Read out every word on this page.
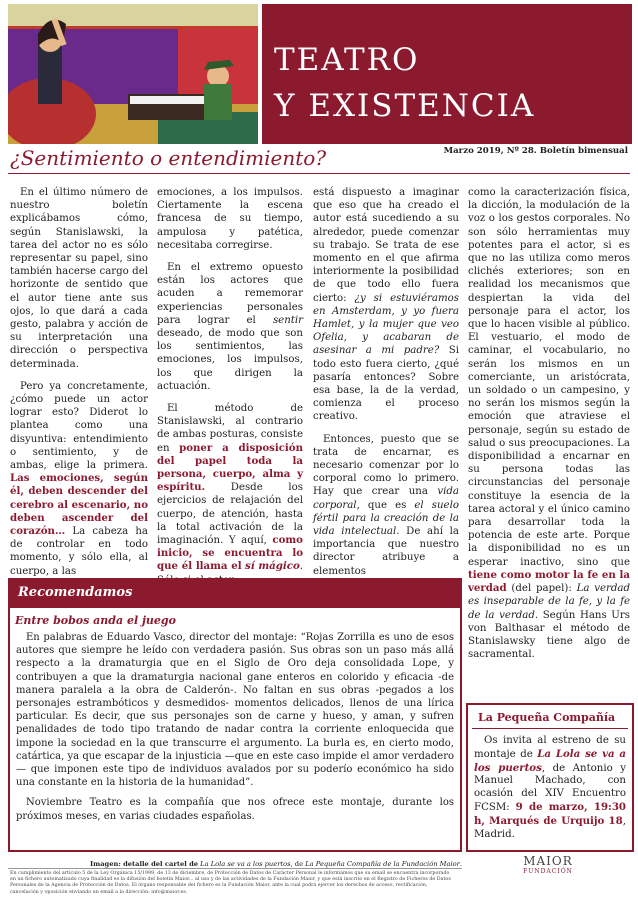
TEATRO
Y EXISTENCIA
¿Sentimiento o entendimiento?	Marzo 2019, Nº 28. Boletín bimensual

En el último número de nuestro boletín explicábamos cómo, según Stanislawski, la tarea del actor no es sólo representar su papel, sino también hacerse cargo del horizonte de sentido que el autor tiene ante sus ojos, lo que dará a cada gesto, palabra y acción de su interpretación una dirección o perspectiva determinada.

Pero ya concretamente, ¿cómo puede un actor lograr esto? Diderot lo plantea como una disyuntiva: entendimiento o sentimiento, y de ambas, elige la primera. Las emociones, según él, deben descender del cerebro al escenario, no deben ascender del corazón… La cabeza ha de controlar en todo momento, y sólo ella, al cuerpo, a las

emociones, a los impulsos. Ciertamente la escena francesa de su tiempo, ampulosa y patética, necesitaba corregirse.

En el extremo opuesto están los actores que acuden a rememorar experiencias personales para lograr el sentir deseado, de modo que son los sentimientos, las emociones, los impulsos, los que dirigen la actuación.

El método de Stanislawski, al contrario de ambas posturas, consiste en poner a disposición del papel toda la persona, cuerpo, alma y espíritu.	Desde los ejercicios de relajación del cuerpo, de atención, hasta la total activación de la imaginación. Y aquí, como inicio, se encuentra lo que él llama el sí mágico.

está dispuesto a imaginar que eso que ha creado el autor está sucediendo a su alrededor, puede comenzar su trabajo. Se trata de ese momento en el que afirma interiormente la posibilidad de que todo ello fuera cierto: ¿y si estuviéramos en Amsterdam, y yo fuera Hamlet, y la mujer que veo Ofelia, y acabaran de asesinar a mi padre? Si todo esto fuera cierto, ¿qué pasaría entonces? Sobre esa base, la de la verdad, comienza el proceso creativo.

Entonces, puesto que se trata de encarnar, es necesario comenzar por lo corporal como lo primero. Hay que crear una vida corporal, que es el suelo fértil para la creación de la vida intelectual. De ahí la importancia que nuestro director atribuye a elementos

como la caracterización física, la dicción, la modulación de la voz o los gestos corporales. No son sólo herramientas muy potentes para el actor, si es que no las utiliza como meros clichés exteriores; son en realidad los mecanismos que despiertan la vida del personaje para el actor, los que lo hacen visible al público. El vestuario, el modo de caminar, el vocabulario, no serán los mismos en un comerciante, un aristócrata, un soldado o un campesino, y no serán los mismos según la emoción que atraviese el personaje, según su estado de salud o sus preocupaciones. La disponibilidad a encarnar en su persona todas las circunstancias del personaje constituye la esencia de la tarea actoral y el único camino para desarrollar toda la potencia de este arte. Porque la disponibilidad no es un esperar inactivo, sino que tiene como motor la fe en la verdad (del papel): La verdad es inseparable de la fe, y la fe de la verdad. Según Hans Urs von Balthasar el método de Stanislawsky tiene algo de sacramental.

Recomendamos
Entre bobos anda el juego

En palabras de Eduardo Vasco, director del montaje: “Rojas Zorrilla es uno de esos autores que siempre he leído con verdadera pasión. Sus obras son un paso más allá respecto a la dramaturgia que en el Siglo de Oro deja consolidada Lope, y contribuyen a que la dramaturgia nacional gane enteros en colorido y eficacia -de manera paralela a la obra de Calderón-. No faltan en sus obras -pegados a los personajes estrambóticos y desmedidos- momentos delicados, llenos de una lírica particular. Es decir, que sus personajes son de carne y hueso, y aman, y sufren penalidades de todo tipo tratando de nadar contra la corriente enloquecida que impone la sociedad en la que transcurre el argumento. La burla es, en cierto modo, catártica, ya que escapar de la injusticia —que en este caso impide el amor verdadero— que imponen este tipo de individuos avalados por su poderío económico ha sido una constante en la historia de la humanidad”.

Noviembre Teatro es la compañía que nos ofrece este montaje, durante los próximos meses, en varias ciudades españolas.

La Pequeña Compañía
Os invita al estreno de su montaje de La Lola se va a los puertos, de Antonio y Manuel Machado, con ocasión del XIV Encuentro FCSM: 9 de marzo, 19:30 h, Marqués de Urquijo 18, Madrid.
Imagen: detalle del cartel de La Lola se va a los puertos, de La Pequeña Compañía de la Fundación Maior.
En cumplimiento del artículo 5 de la Ley Orgánica 15/1999, de 13 de diciembre, de Protección de Datos de Carácter Personal le informamos que su email se encuentra incorporado en un fichero automatizado cuya finalidad es la difusión del boletín Maior... al uso y de las actividades de la Fundación Maior, y que está inscrito en el Registro de Ficheros de Datos Personales de la Agencia de Protección de Datos. El órgano responsable del fichero es la Fundación Maior, ante la cual podrá ejercer los derechos de acceso, rectificación, cancelación y oposición enviando un email a la dirección: info@maior.es.
MAIOR
FUNDACIÓN
